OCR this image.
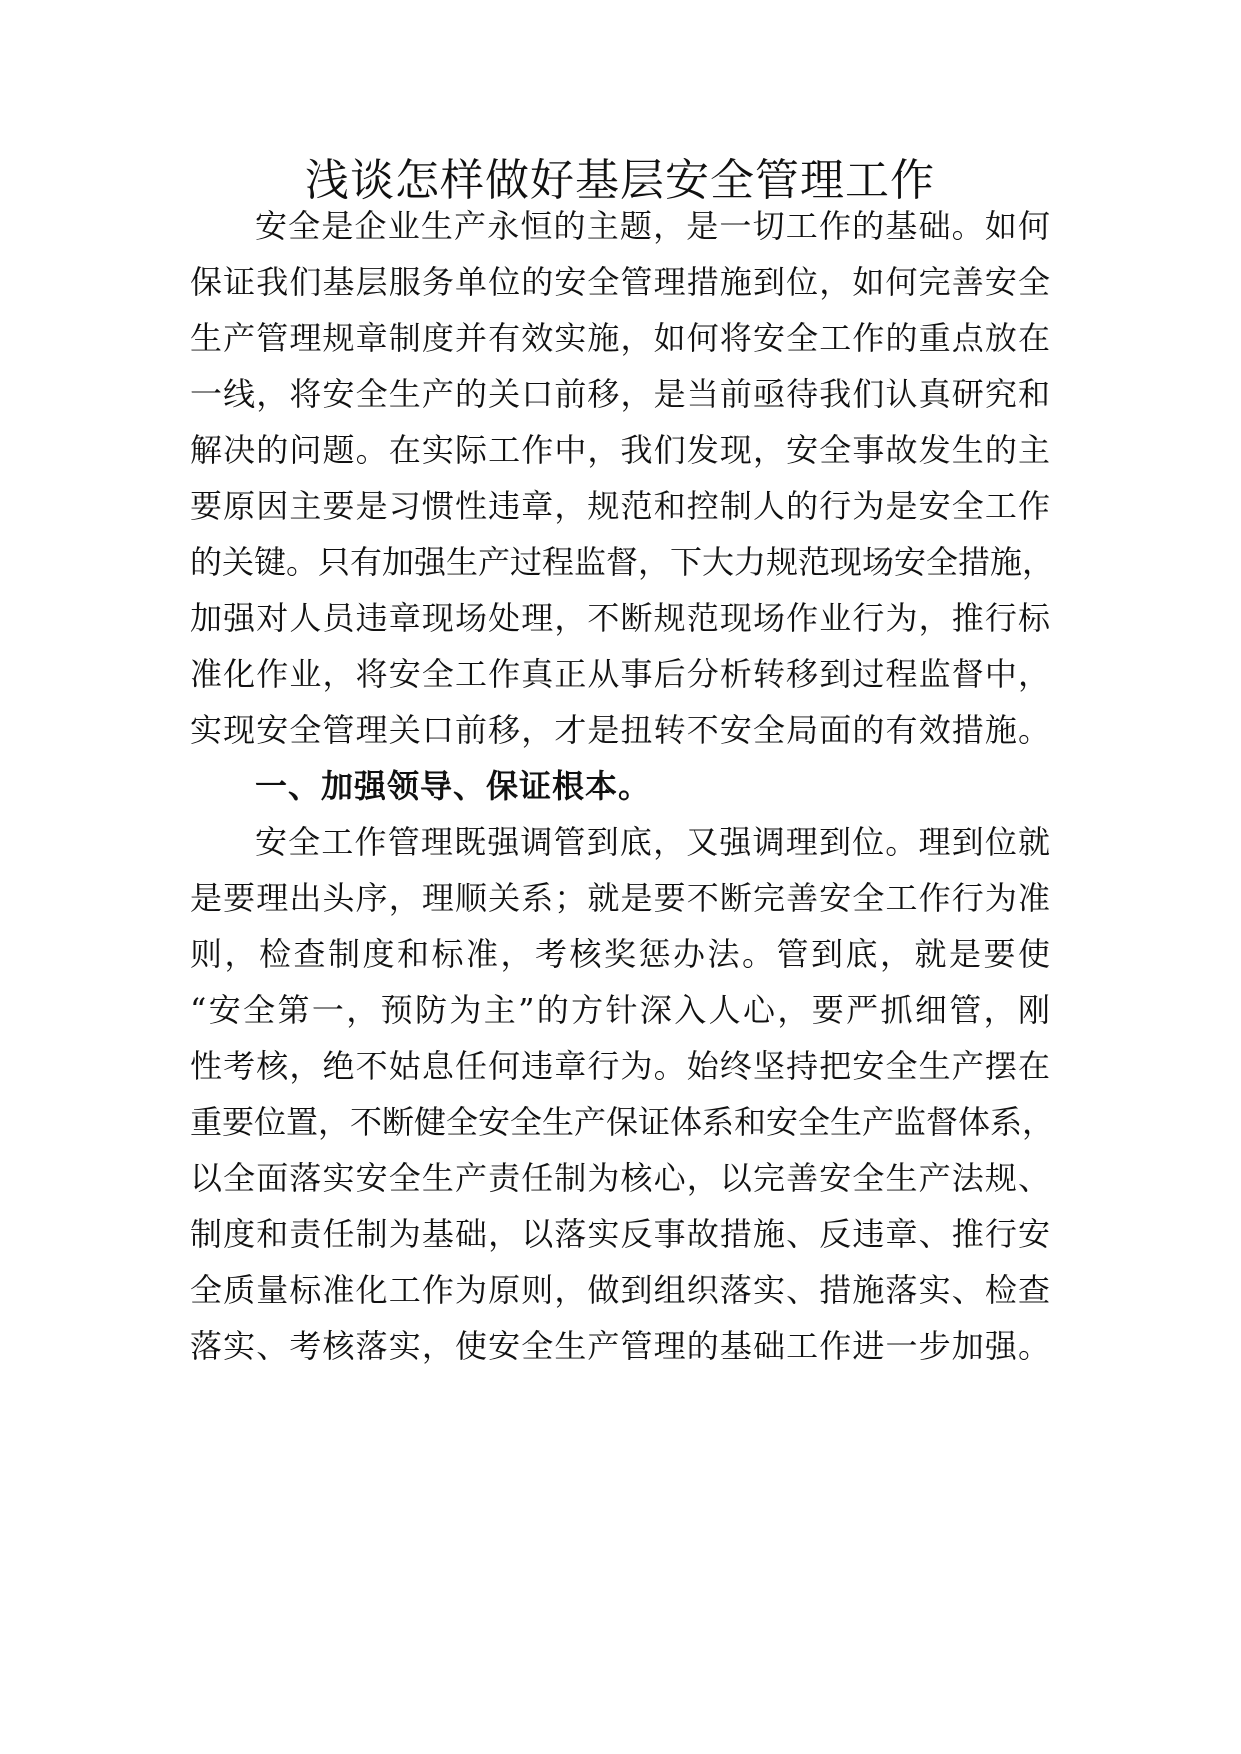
浅谈怎样做好基层安全管理工作
安全是企业生产永恒的主题，是一切工作的基础。如何
保证我们基层服务单位的安全管理措施到位，如何完善安全
生产管理规章制度并有效实施，如何将安全工作的重点放在
一线，将安全生产的关口前移，是当前亟待我们认真研究和
解决的问题。在实际工作中，我们发现，安全事故发生的主
要原因主要是习惯性违章，规范和控制人的行为是安全工作
的关键。只有加强生产过程监督，下大力规范现场安全措施，
加强对人员违章现场处理，不断规范现场作业行为，推行标
准化作业，将安全工作真正从事后分析转移到过程监督中，
实现安全管理关口前移，才是扭转不安全局面的有效措施。
一、加强领导、保证根本。
安全工作管理既强调管到底，又强调理到位。理到位就
是要理出头序，理顺关系；就是要不断完善安全工作行为准
则，检查制度和标准，考核奖惩办法。管到底，就是要使
“安全第一，预防为主”的方针深入人心，要严抓细管，刚
性考核，绝不姑息任何违章行为。始终坚持把安全生产摆在
重要位置，不断健全安全生产保证体系和安全生产监督体系，
以全面落实安全生产责任制为核心，以完善安全生产法规、
制度和责任制为基础，以落实反事故措施、反违章、推行安
全质量标准化工作为原则，做到组织落实、措施落实、检查
落实、考核落实，使安全生产管理的基础工作进一步加强。
